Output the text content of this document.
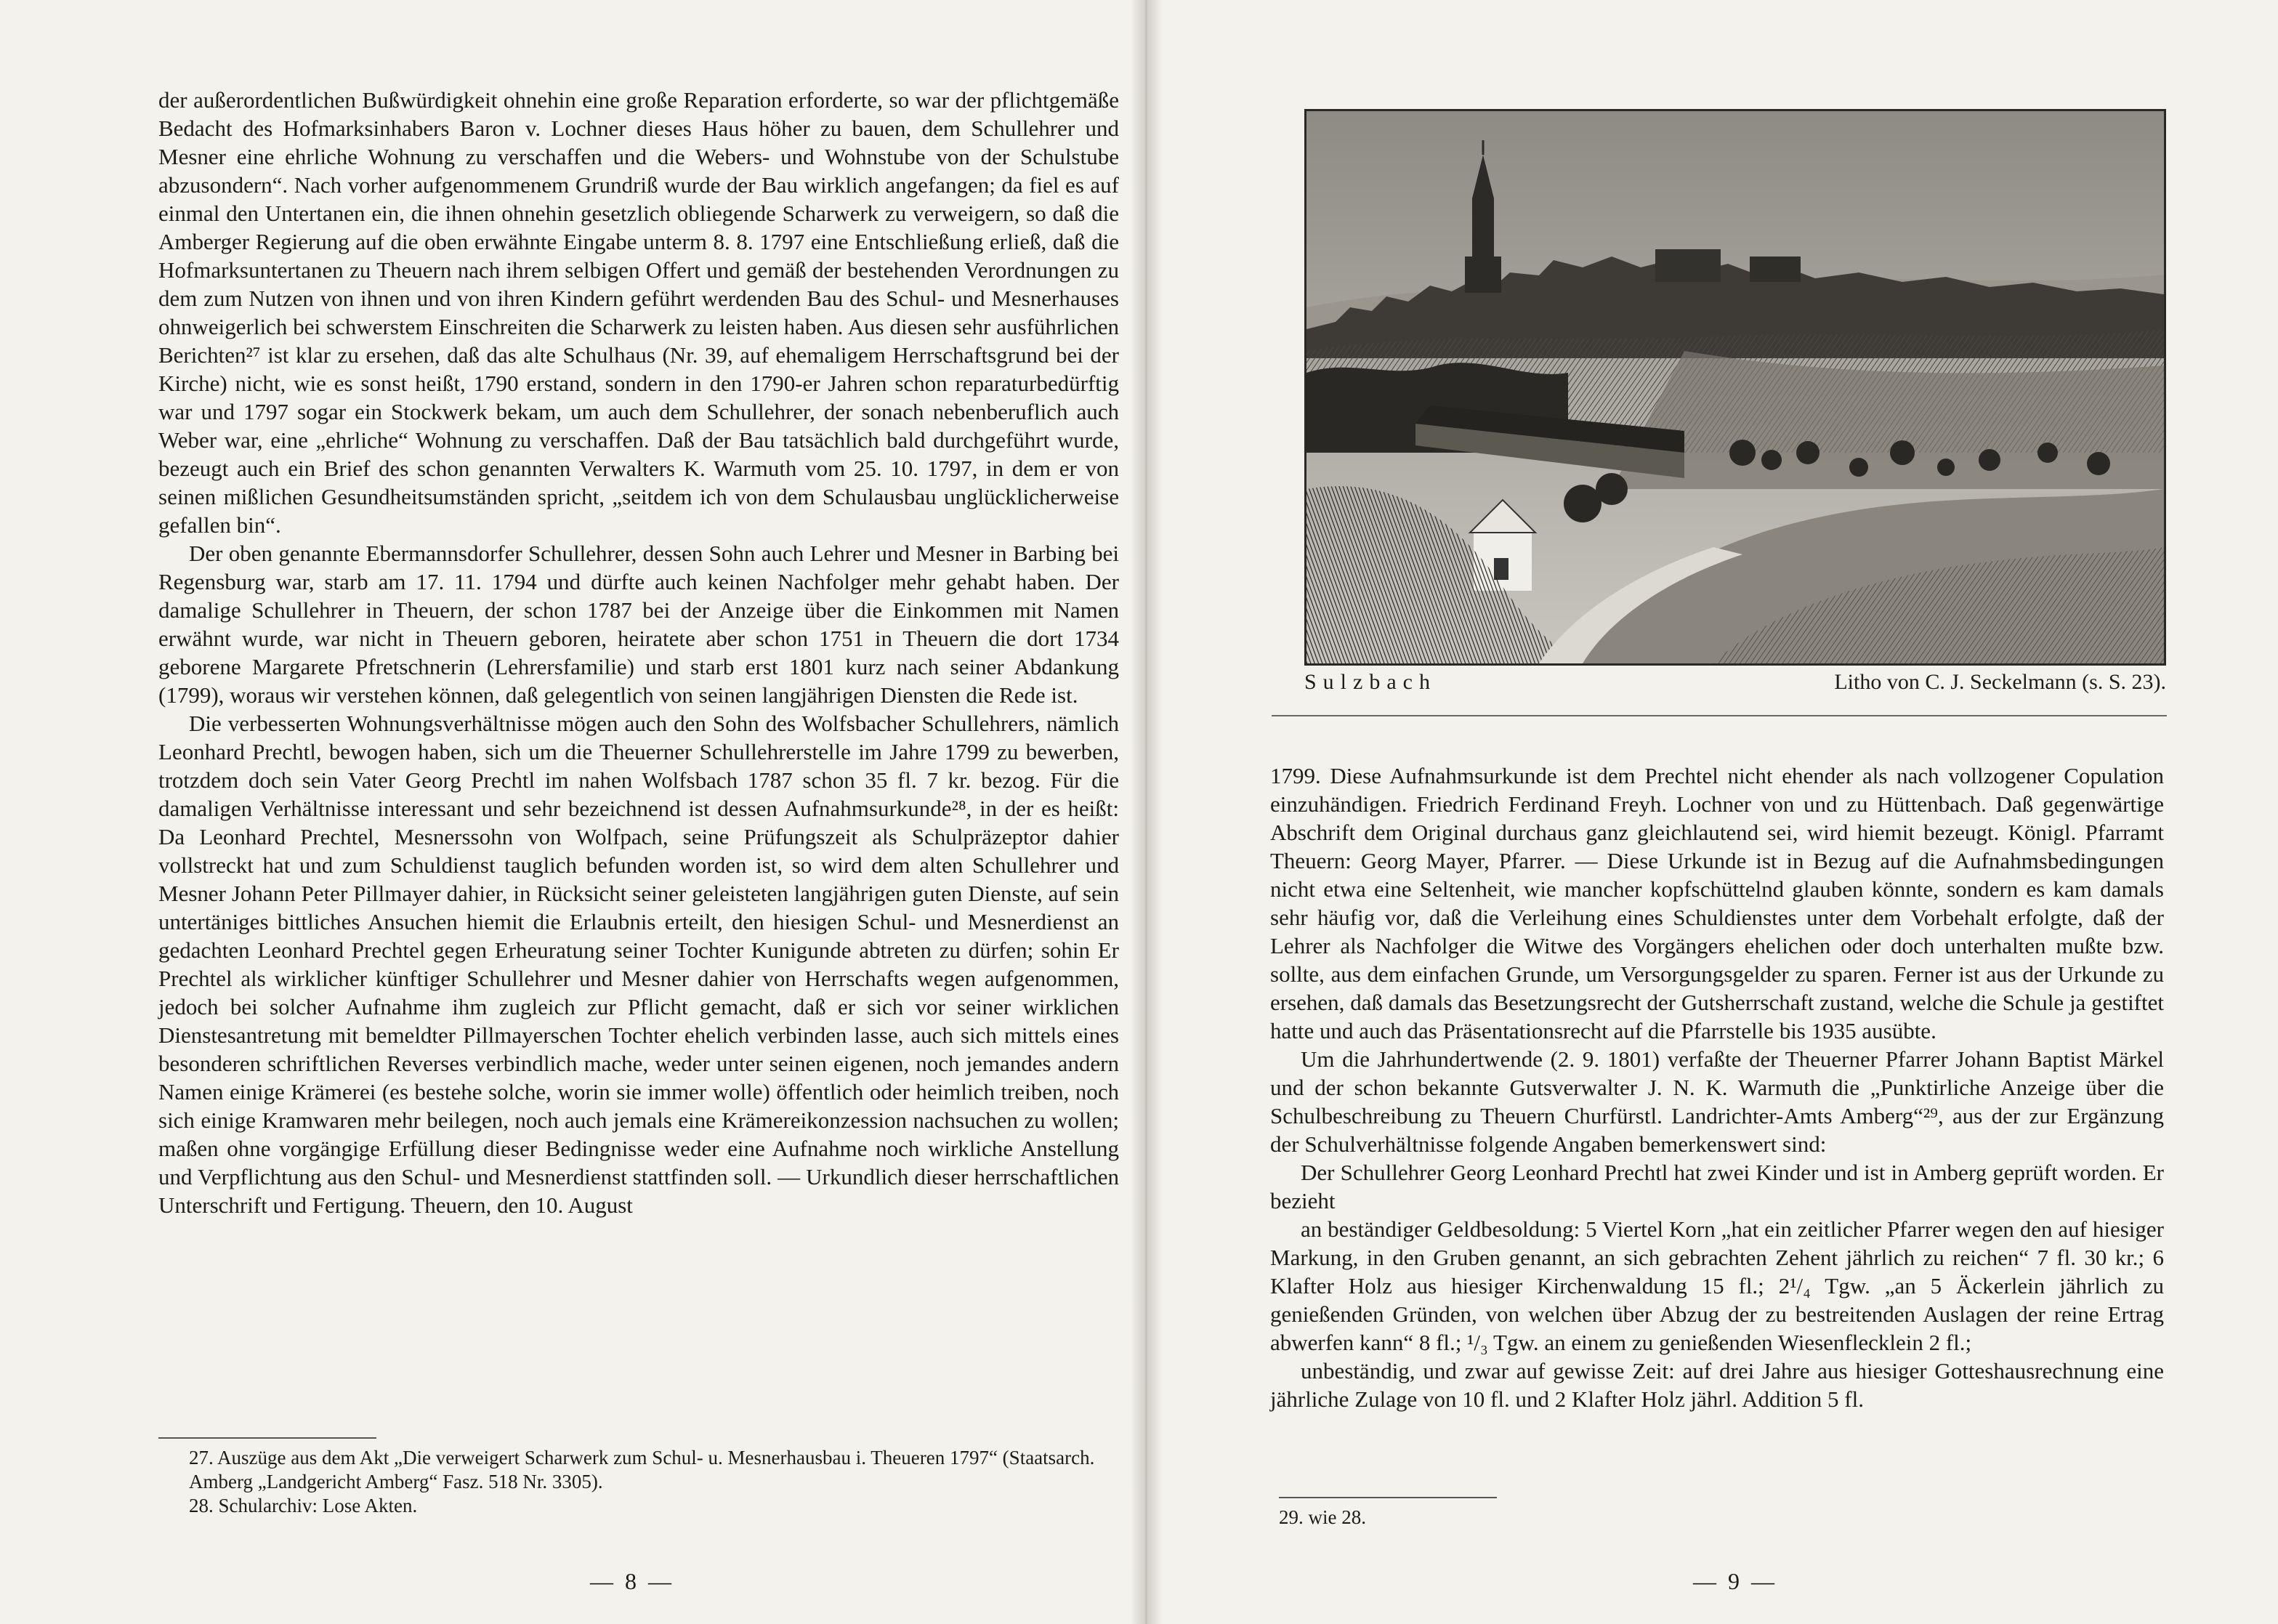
der außerordentlichen Bußwürdigkeit ohnehin eine große Reparation erforderte, so war der pflichtgemäße Bedacht des Hofmarksinhabers Baron v. Lochner dieses Haus höher zu bauen, dem Schullehrer und Mesner eine ehrliche Wohnung zu verschaffen und die Webers- und Wohnstube von der Schulstube abzusondern“. Nach vorher aufgenommenem Grundriß wurde der Bau wirklich angefangen; da fiel es auf einmal den Untertanen ein, die ihnen ohnehin gesetzlich obliegende Scharwerk zu verweigern, so daß die Amberger Regierung auf die oben erwähnte Eingabe unterm 8. 8. 1797 eine Entschließung erließ, daß die Hofmarksuntertanen zu Theuern nach ihrem selbigen Offert und gemäß der bestehenden Verordnungen zu dem zum Nutzen von ihnen und von ihren Kindern geführt werdenden Bau des Schul- und Mesnerhauses ohnweigerlich bei schwerstem Einschreiten die Scharwerk zu leisten haben. Aus diesen sehr ausführlichen Berichten²⁷ ist klar zu ersehen, daß das alte Schulhaus (Nr. 39, auf ehemaligem Herrschaftsgrund bei der Kirche) nicht, wie es sonst heißt, 1790 erstand, sondern in den 1790-er Jahren schon reparaturbedürftig war und 1797 sogar ein Stockwerk bekam, um auch dem Schullehrer, der sonach nebenberuflich auch Weber war, eine „ehrliche“ Wohnung zu verschaffen. Daß der Bau tatsächlich bald durchgeführt wurde, bezeugt auch ein Brief des schon genannten Verwalters K. Warmuth vom 25. 10. 1797, in dem er von seinen mißlichen Gesundheitsumständen spricht, „seitdem ich von dem Schulausbau unglücklicherweise gefallen bin“.

Der oben genannte Ebermannsdorfer Schullehrer, dessen Sohn auch Lehrer und Mesner in Barbing bei Regensburg war, starb am 17. 11. 1794 und dürfte auch keinen Nachfolger mehr gehabt haben. Der damalige Schullehrer in Theuern, der schon 1787 bei der Anzeige über die Einkommen mit Namen erwähnt wurde, war nicht in Theuern geboren, heiratete aber schon 1751 in Theuern die dort 1734 geborene Margarete Pfretschnerin (Lehrersfamilie) und starb erst 1801 kurz nach seiner Abdankung (1799), woraus wir verstehen können, daß gelegentlich von seinen langjährigen Diensten die Rede ist.

Die verbesserten Wohnungsverhältnisse mögen auch den Sohn des Wolfsbacher Schullehrers, nämlich Leonhard Prechtl, bewogen haben, sich um die Theuerner Schullehrerstelle im Jahre 1799 zu bewerben, trotzdem doch sein Vater Georg Prechtl im nahen Wolfsbach 1787 schon 35 fl. 7 kr. bezog. Für die damaligen Verhältnisse interessant und sehr bezeichnend ist dessen Aufnahmsurkunde²⁸, in der es heißt: Da Leonhard Prechtel, Mesnerssohn von Wolfpach, seine Prüfungszeit als Schulpräzeptor dahier vollstreckt hat und zum Schuldienst tauglich befunden worden ist, so wird dem alten Schullehrer und Mesner Johann Peter Pillmayer dahier, in Rücksicht seiner geleisteten langjährigen guten Dienste, auf sein untertäniges bittliches Ansuchen hiemit die Erlaubnis erteilt, den hiesigen Schul- und Mesnerdienst an gedachten Leonhard Prechtel gegen Erheuratung seiner Tochter Kunigunde abtreten zu dürfen; sohin Er Prechtel als wirklicher künftiger Schullehrer und Mesner dahier von Herrschafts wegen aufgenommen, jedoch bei solcher Aufnahme ihm zugleich zur Pflicht gemacht, daß er sich vor seiner wirklichen Dienstesantretung mit bemeldter Pillmayerschen Tochter ehelich verbinden lasse, auch sich mittels eines besonderen schriftlichen Reverses verbindlich mache, weder unter seinen eigenen, noch jemandes andern Namen einige Krämerei (es bestehe solche, worin sie immer wolle) öffentlich oder heimlich treiben, noch sich einige Kramwaren mehr beilegen, noch auch jemals eine Krämereikonzession nachsuchen zu wollen; maßen ohne vorgängige Erfüllung dieser Bedingnisse weder eine Aufnahme noch wirkliche Anstellung und Verpflichtung aus den Schul- und Mesnerdienst stattfinden soll. — Urkundlich dieser herrschaftlichen Unterschrift und Fertigung. Theuern, den 10. August

27. Auszüge aus dem Akt „Die verweigert Scharwerk zum Schul- u. Mesnerhausbau i. Theueren 1797“ (Staatsarch. Amberg „Landgericht Amberg“ Fasz. 518 Nr. 3305).

28. Schularchiv: Lose Akten.

— 8 —
Sulzbach	Litho von C. J. Seckelmann (s. S. 23).

1799. Diese Aufnahmsurkunde ist dem Prechtel nicht ehender als nach vollzogener Copulation einzuhändigen. Friedrich Ferdinand Freyh. Lochner von und zu Hüttenbach. Daß gegenwärtige Abschrift dem Original durchaus ganz gleichlautend sei, wird hiemit bezeugt. Königl. Pfarramt Theuern: Georg Mayer, Pfarrer. — Diese Urkunde ist in Bezug auf die Aufnahmsbedingungen nicht etwa eine Seltenheit, wie mancher kopfschüttelnd glauben könnte, sondern es kam damals sehr häufig vor, daß die Verleihung eines Schuldienstes unter dem Vorbehalt erfolgte, daß der Lehrer als Nachfolger die Witwe des Vorgängers ehelichen oder doch unterhalten mußte bzw. sollte, aus dem einfachen Grunde, um Versorgungsgelder zu sparen. Ferner ist aus der Urkunde zu ersehen, daß damals das Besetzungsrecht der Gutsherrschaft zustand, welche die Schule ja gestiftet hatte und auch das Präsentationsrecht auf die Pfarrstelle bis 1935 ausübte.

Um die Jahrhundertwende (2. 9. 1801) verfaßte der Theuerner Pfarrer Johann Baptist Märkel und der schon bekannte Gutsverwalter J. N. K. Warmuth die „Punktirliche Anzeige über die Schulbeschreibung zu Theuern Churfürstl. Landrichter-Amts Amberg“²⁹, aus der zur Ergänzung der Schulverhältnisse folgende Angaben bemerkenswert sind:

Der Schullehrer Georg Leonhard Prechtl hat zwei Kinder und ist in Amberg geprüft worden. Er bezieht

an beständiger Geldbesoldung: 5 Viertel Korn „hat ein zeitlicher Pfarrer wegen den auf hiesiger Markung, in den Gruben genannt, an sich gebrachten Zehent jährlich zu reichen“ 7 fl. 30 kr.; 6 Klafter Holz aus hiesiger Kirchenwaldung 15 fl.; 2¹/₄ Tgw. „an 5 Äckerlein jährlich zu genießenden Gründen, von welchen über Abzug der zu bestreitenden Auslagen der reine Ertrag abwerfen kann“ 8 fl.; ¹/₃ Tgw. an einem zu genießenden Wiesenflecklein 2 fl.;

unbeständig, und zwar auf gewisse Zeit: auf drei Jahre aus hiesiger Gotteshausrechnung eine jährliche Zulage von 10 fl. und 2 Klafter Holz jährl. Addition 5 fl.

29. wie 28.

— 9 —
